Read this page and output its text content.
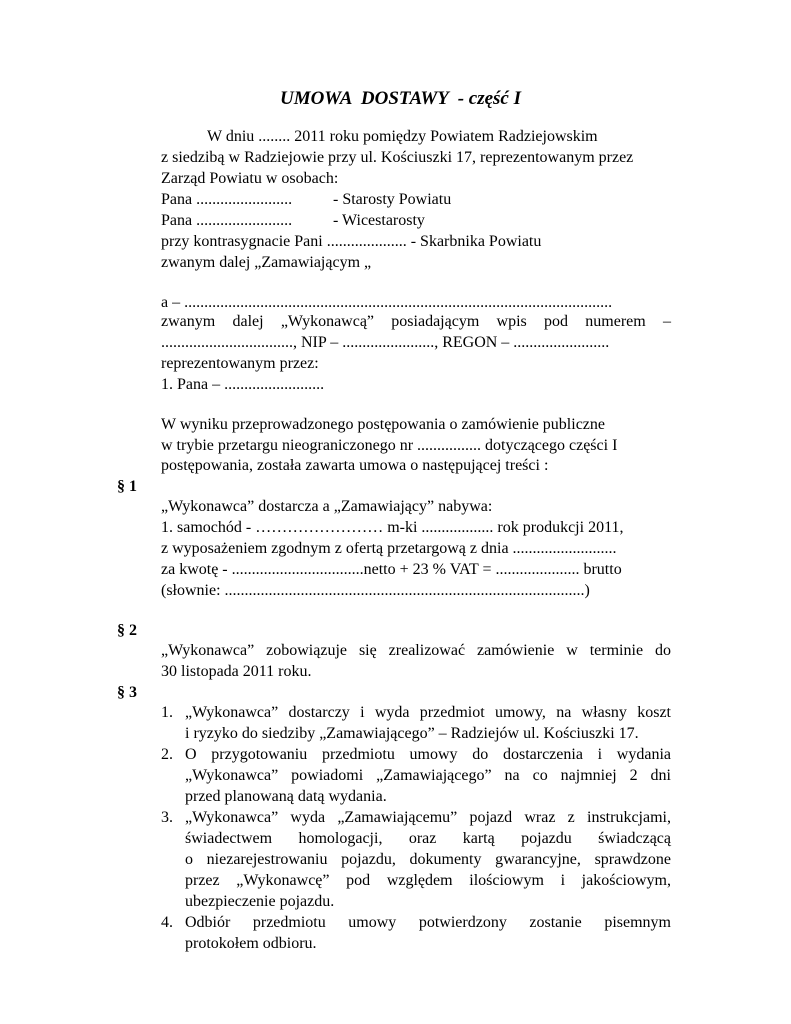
UMOWA  DOSTAWY  - część I
W dniu ........ 2011 roku pomiędzy Powiatem Radziejowskim
z siedzibą w Radziejowie przy ul. Kościuszki 17, reprezentowanym przez
Zarząd Powiatu w osobach:
Pana ........................	- Starosty Powiatu
Pana ........................	- Wicestarosty
przy kontrasygnacie Pani .................... - Skarbnika Powiatu
zwanym dalej „Zamawiającym „
a – ...........................................................................................................
zwanym dalej „Wykonawcą” posiadającym wpis pod numerem –
................................., NIP – ......................., REGON – ........................
reprezentowanym przez:
1. Pana – .........................
W wyniku przeprowadzonego postępowania o zamówienie publiczne
w trybie przetargu nieograniczonego nr ................ dotyczącego części I
postępowania, została zawarta umowa o następującej treści :
§ 1
„Wykonawca” dostarcza a „Zamawiający” nabywa:
1. samochód - …………………… m-ki .................. rok produkcji 2011,
z wyposażeniem zgodnym z ofertą przetargową z dnia ..........................
za kwotę - .................................netto + 23 % VAT = ..................... brutto
(słownie: ..........................................................................................)
§ 2
„Wykonawca” zobowiązuje się zrealizować zamówienie w terminie do
30 listopada 2011 roku.
§ 3
1. „Wykonawca” dostarczy i wyda przedmiot umowy, na własny koszt
i ryzyko do siedziby „Zamawiającego” – Radziejów ul. Kościuszki 17.
2. O przygotowaniu przedmiotu umowy do dostarczenia i wydania
„Wykonawca” powiadomi „Zamawiającego” na co najmniej 2 dni
przed planowaną datą wydania.
3. „Wykonawca” wyda „Zamawiającemu” pojazd wraz z instrukcjami,
świadectwem homologacji, oraz kartą pojazdu świadczącą
o niezarejestrowaniu pojazdu, dokumenty gwarancyjne, sprawdzone
przez „Wykonawcę” pod względem ilościowym i jakościowym,
ubezpieczenie pojazdu.
4. Odbiór przedmiotu umowy potwierdzony zostanie pisemnym
protokołem odbioru.
